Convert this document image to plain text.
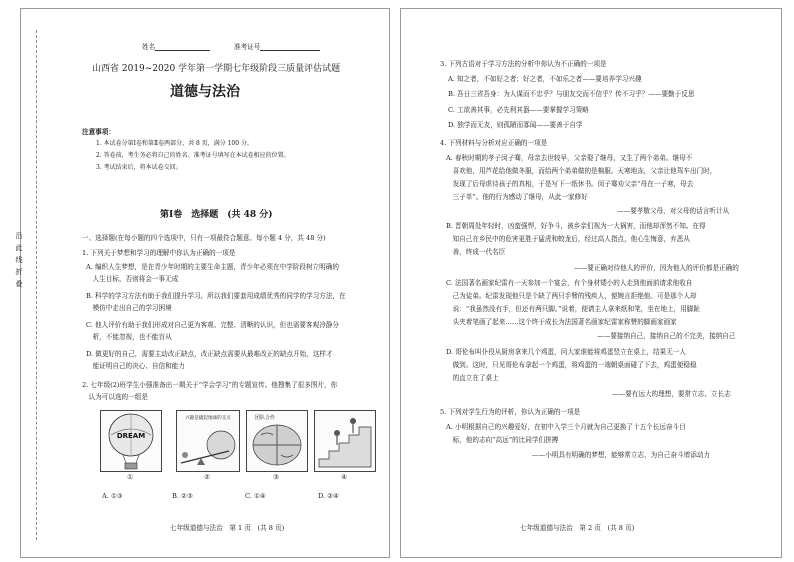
沿
此
线
折
叠
姓名	准考证号
山西省 2019~2020 学年第一学期七年级阶段三质量评估试题
道德与法治
注意事项：
1. 本试卷分第Ⅰ卷和第Ⅱ卷两部分，共 8 页，满分 100 分。
2. 答卷前，考生务必将自己的姓名、准考证号填写在本试卷相应的位置。
3. 考试结束后，将本试卷交回。
第Ⅰ卷　选择题　(共 48 分)
一、选择题(在每小题的四个选项中，只有一项最符合题意。每小题 4 分，共 48 分)
1. 下列关于梦想和学习的理解中你认为正确的一项是
A. 编织人生梦想，是在青少年时期的主要生命主题，青少年必须在中学阶段树立明确的
　人生目标，否则将会一事无成
B. 科学的学习方法有助于我们提升学习。所以我们要套用成绩优秀的同学的学习方法，在
　模仿中走出自己的学习困境
C. 他人评价有助于我们形成对自己更为客观、完整、清晰的认识，但也需要客观冷静分
　析，不能忽视，也不能盲从
D. 做更好的自己，需要主动改正缺点，改正缺点需要从最难改正的缺点开始，这样才
　能证明自己的决心、自信和能力
2. 七年级(2)班学生小强准备出一期关于“学会学习”的专题宣传。他搜集了很多图片，你
　认为可以选的一组是
DREAM
兴趣是撬起地球的支点	团队合作
①	②	③	④
A. ①③	B. ②③	C. ①④	D. ②④
七年级道德与法治　第 1 页　(共 8 页)
3. 下列古语对于学习方法的分析中你认为不正确的一项是
A. 知之者，不如好之者；好之者，不如乐之者——要培养学习兴趣
B. 吾日三省吾身：为人谋而不忠乎？与朋友交而不信乎？传不习乎？——要勤于反思
C. 工欲善其事，必先利其器——要掌握学习策略
D. 独学而无友，则孤陋而寡闻——要善于自学
4. 下列材料与分析对应正确的一项是
A. 春秋时期的孝子闵子骞，母亲去世较早，父亲娶了继母，又生了两个弟弟。继母不
　喜欢他，用芦花给他做冬服，而给两个弟弟做的是棉服。天寒地冻，父亲让他驾车出门时，
　发现了后母虐待孩子的真相，于是写下一纸休书。闵子骞劝父亲“母在一子寒，母去
　三子单”。他的行为感动了继母，从此一家修好
——要孝敬父母，对父母的话言听计从
B. 晋朝周处年轻时，凶蛮强悍，好争斗，被乡亲们视为一大祸害，而他却浑然不知。在得
　知自己在乡民中的危害更胜于猛虎和蛟龙后，经过高人指点，他心生悔意，弃恶从
　善，终成一代名臣
——要正确对待他人的评价，因为他人的评价都是正确的
C. 法国著名画家纪雷有一天参加一个宴会，有个身材矮小的人走到他面前请求他收自
　己为徒弟。纪雷发现他只是个缺了两只手臂的残疾人，便婉言拒绝他。可是那个人却
　说：“我虽然没有手，但还有两只脚。”说着，便请主人拿来纸和笔，坐在地上，用脚趾
　头夹着笔画了起来……这个终于成长为法国著名画家纪雷家称赞的脚画家画家
——要接纳自己，接纳自己的不完美，接纳自己
D. 哥伦布叫仆役从厨房拿来几个鸡蛋，问大家谁能将鸡蛋竖立在桌上，结果无一人
　做到。这时，只见哥伦布拿起一个鸡蛋，将鸡蛋的一端朝桌面碰了下去，鸡蛋便稳稳
　的直立在了桌上
——要有远大的理想，要常立志、立长志
5. 下列对学生行为的评析，你认为正确的一项是
A. 小明根据自己的兴趣爱好，在初中入学三个月就为自己更换了十五个长远奋斗目
　标，他的志向“高远”的比同学们拼搏
——小明具有明确的梦想，能够常立志，为自己奋斗增添动力
七年级道德与法治　第 2 页　(共 8 页)
